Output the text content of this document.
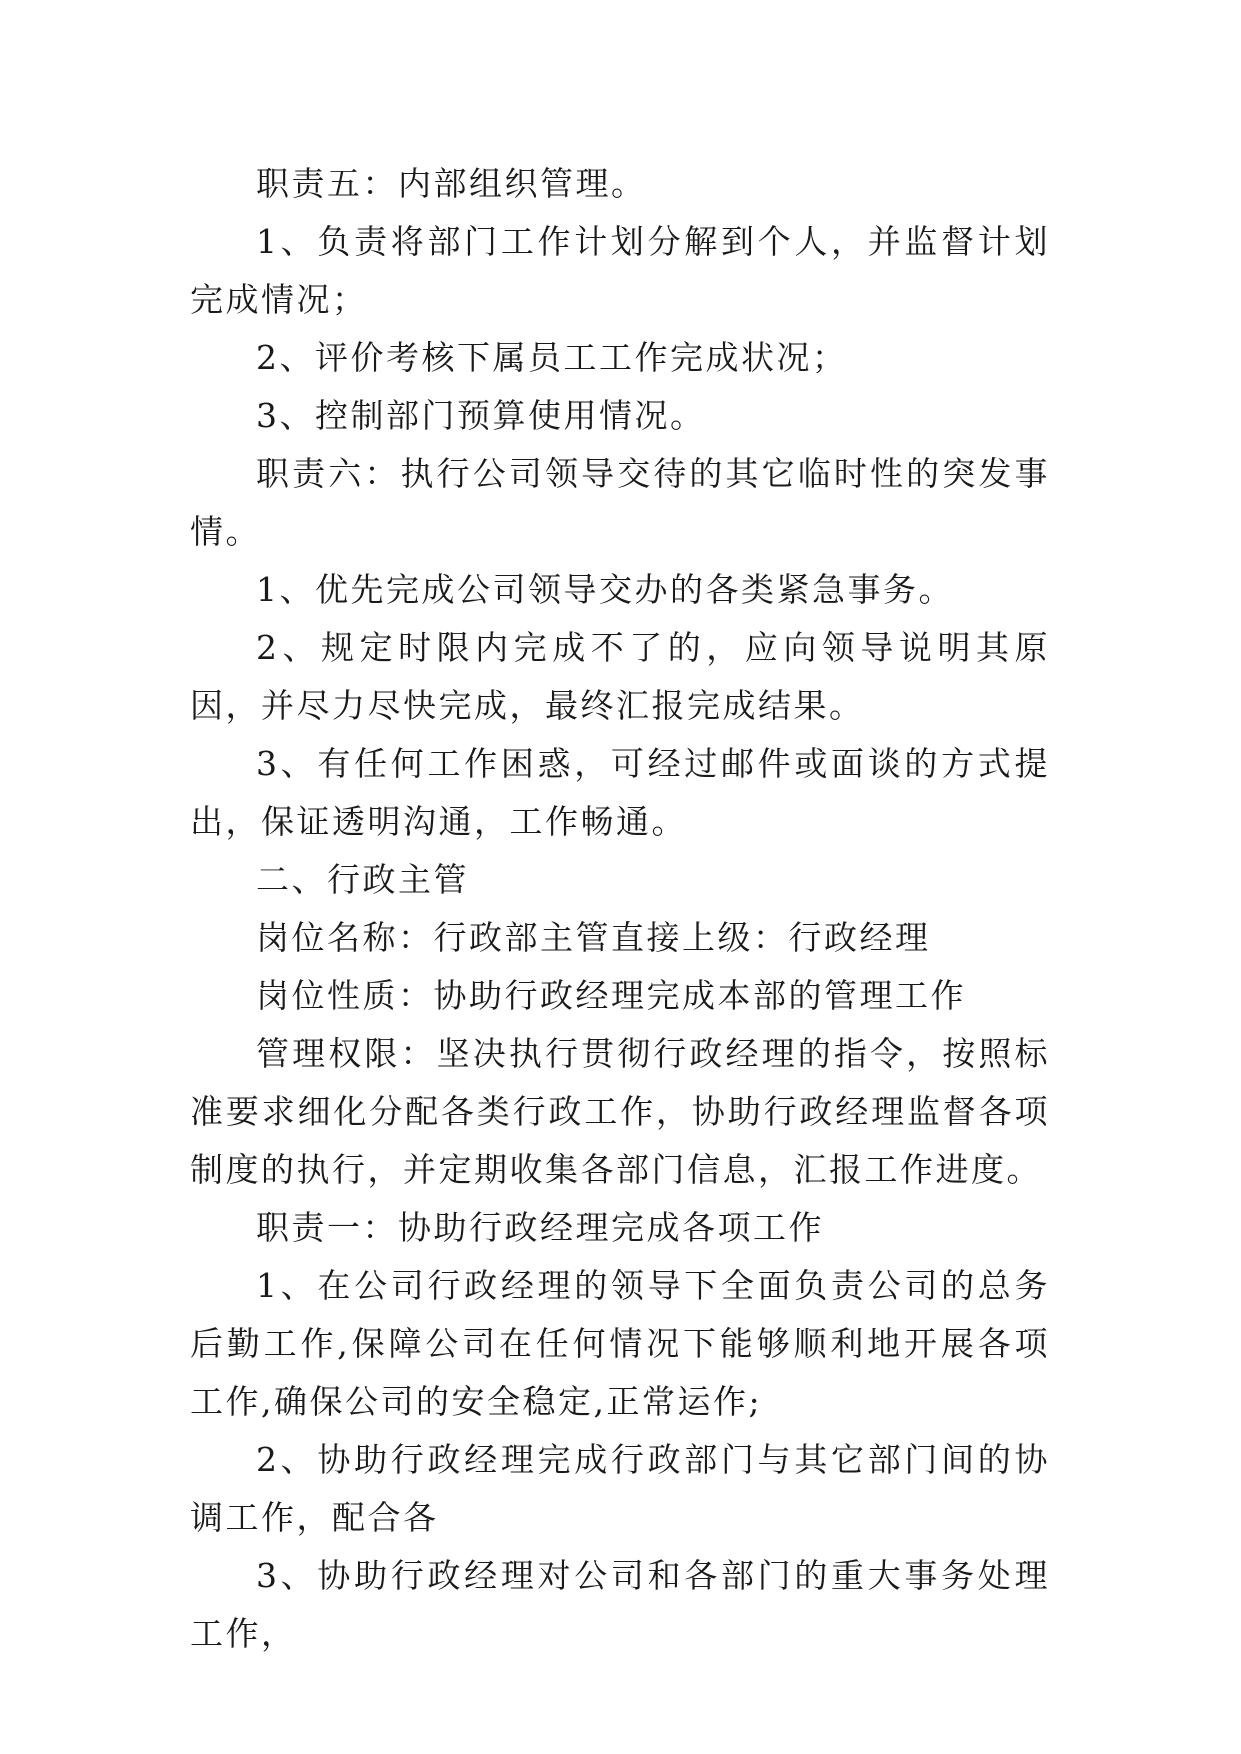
职责五：内部组织管理。

1、负责将部门工作计划分解到个人，并监督计划完成情况；

2、评价考核下属员工工作完成状况；

3、控制部门预算使用情况。

职责六：执行公司领导交待的其它临时性的突发事情。

1、优先完成公司领导交办的各类紧急事务。

2、规定时限内完成不了的，应向领导说明其原因，并尽力尽快完成，最终汇报完成结果。

3、有任何工作困惑，可经过邮件或面谈的方式提出，保证透明沟通，工作畅通。

二、行政主管

岗位名称：行政部主管直接上级：行政经理

岗位性质：协助行政经理完成本部的管理工作

管理权限：坚决执行贯彻行政经理的指令，按照标准要求细化分配各类行政工作，协助行政经理监督各项制度的执行，并定期收集各部门信息，汇报工作进度。

职责一：协助行政经理完成各项工作

1、在公司行政经理的领导下全面负责公司的总务后勤工作,保障公司在任何情况下能够顺利地开展各项工作,确保公司的安全稳定,正常运作;

2、协助行政经理完成行政部门与其它部门间的协调工作，配合各

3、协助行政经理对公司和各部门的重大事务处理工作，
